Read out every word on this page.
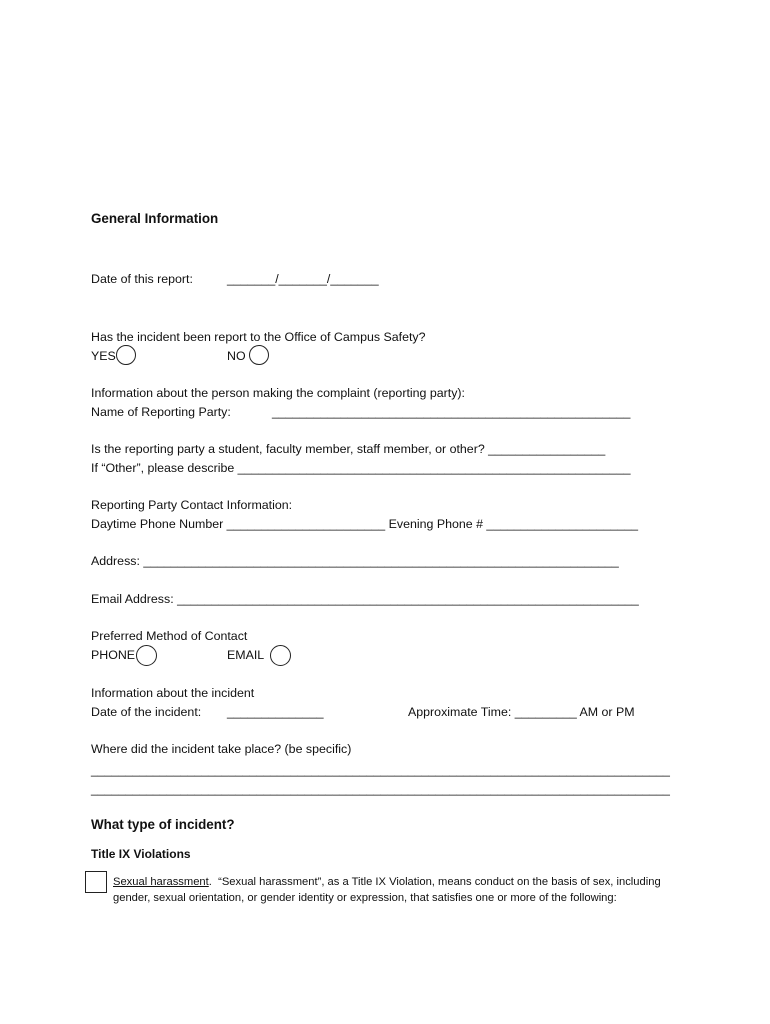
General Information
Date of this report:	_______/_______/_______
Has the incident been report to the Office of Campus Safety?
YES	NO
Information about the person making the complaint (reporting party):
Name of Reporting Party:	____________________________________________________
Is the reporting party a student, faculty member, staff member, or other? _________________
If “Other”, please describe _________________________________________________________
Reporting Party Contact Information:
Daytime Phone Number _______________________ Evening Phone # ______________________
Address: _____________________________________________________________________
Email Address: ___________________________________________________________________
Preferred Method of Contact
PHONE	EMAIL
Information about the incident
Date of the incident: ______________	Approximate Time: _________ AM or PM
Where did the incident take place? (be specific)
____________________________________________________________________________________
____________________________________________________________________________________
What type of incident?
Title IX Violations
Sexual harassment.  “Sexual harassment”, as a Title IX Violation, means conduct on the basis of sex, including
gender, sexual orientation, or gender identity or expression, that satisfies one or more of the following:
